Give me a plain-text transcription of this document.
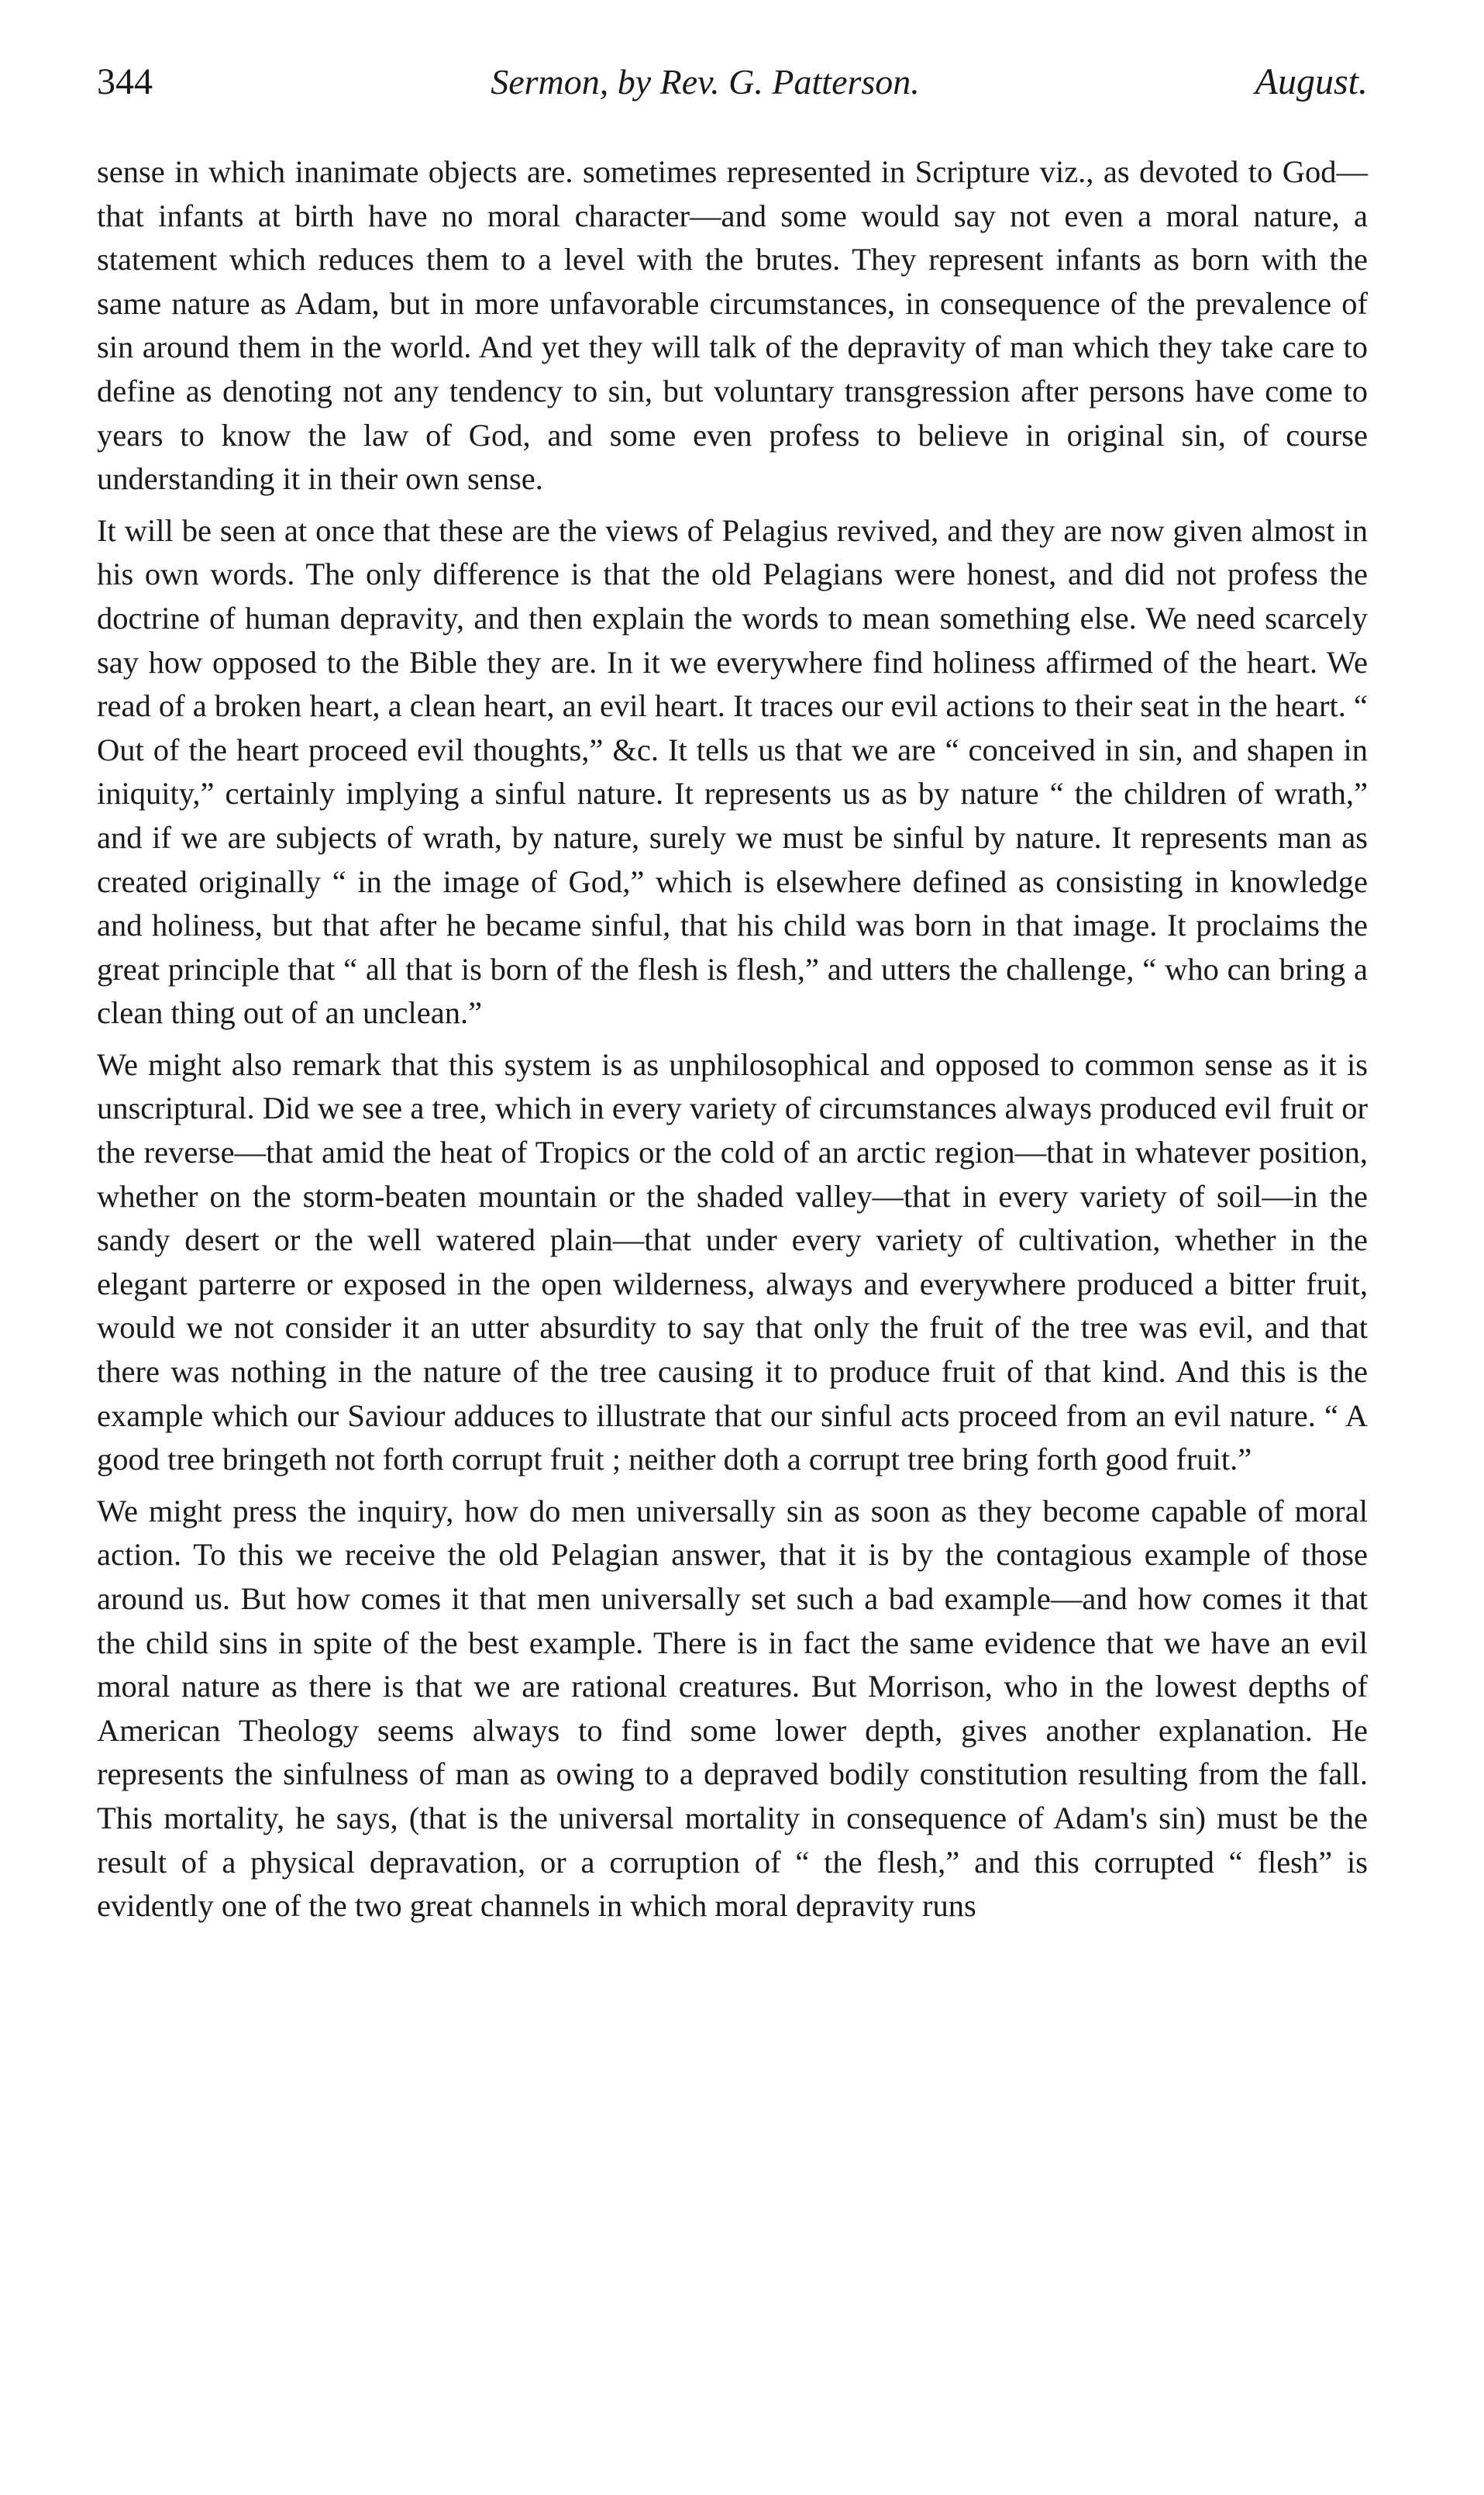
344	Sermon, by Rev. G. Patterson.	August.

sense in which inanimate objects are. sometimes represented in Scripture viz., as devoted to God—that infants at birth have no moral character—and some would say not even a moral nature, a statement which reduces them to a level with the brutes. They represent infants as born with the same nature as Adam, but in more unfavorable circumstances, in consequence of the prevalence of sin around them in the world. And yet they will talk of the depravity of man which they take care to define as denoting not any tendency to sin, but voluntary transgression after persons have come to years to know the law of God, and some even profess to believe in original sin, of course understanding it in their own sense.

It will be seen at once that these are the views of Pelagius revived, and they are now given almost in his own words. The only difference is that the old Pelagians were honest, and did not profess the doctrine of human depravity, and then explain the words to mean something else. We need scarcely say how opposed to the Bible they are. In it we everywhere find holiness affirmed of the heart. We read of a broken heart, a clean heart, an evil heart. It traces our evil actions to their seat in the heart. “ Out of the heart proceed evil thoughts,” &c. It tells us that we are “ conceived in sin, and shapen in iniquity,” certainly implying a sinful nature. It represents us as by nature “ the children of wrath,” and if we are subjects of wrath, by nature, surely we must be sinful by nature. It represents man as created originally “ in the image of God,” which is elsewhere defined as consisting in knowledge and holiness, but that after he became sinful, that his child was born in that image. It proclaims the great principle that “ all that is born of the flesh is flesh,” and utters the challenge, “ who can bring a clean thing out of an unclean.”

We might also remark that this system is as unphilosophical and opposed to common sense as it is unscriptural. Did we see a tree, which in every variety of circumstances always produced evil fruit or the reverse—that amid the heat of Tropics or the cold of an arctic region—that in whatever position, whether on the storm-beaten mountain or the shaded valley—that in every variety of soil—in the sandy desert or the well watered plain—that under every variety of cultivation, whether in the elegant parterre or exposed in the open wilderness, always and everywhere produced a bitter fruit, would we not consider it an utter absurdity to say that only the fruit of the tree was evil, and that there was nothing in the nature of the tree causing it to produce fruit of that kind. And this is the example which our Saviour adduces to illustrate that our sinful acts proceed from an evil nature. “ A good tree bringeth not forth corrupt fruit ; neither doth a corrupt tree bring forth good fruit.”

We might press the inquiry, how do men universally sin as soon as they become capable of moral action. To this we receive the old Pelagian answer, that it is by the contagious example of those around us. But how comes it that men universally set such a bad example—and how comes it that the child sins in spite of the best example. There is in fact the same evidence that we have an evil moral nature as there is that we are rational creatures. But Morrison, who in the lowest depths of American Theology seems always to find some lower depth, gives another explanation. He represents the sinfulness of man as owing to a depraved bodily constitution resulting from the fall. This mortality, he says, (that is the universal mortality in consequence of Adam's sin) must be the result of a physical depravation, or a corruption of “ the flesh,” and this corrupted “ flesh” is evidently one of the two great channels in which moral depravity runs
